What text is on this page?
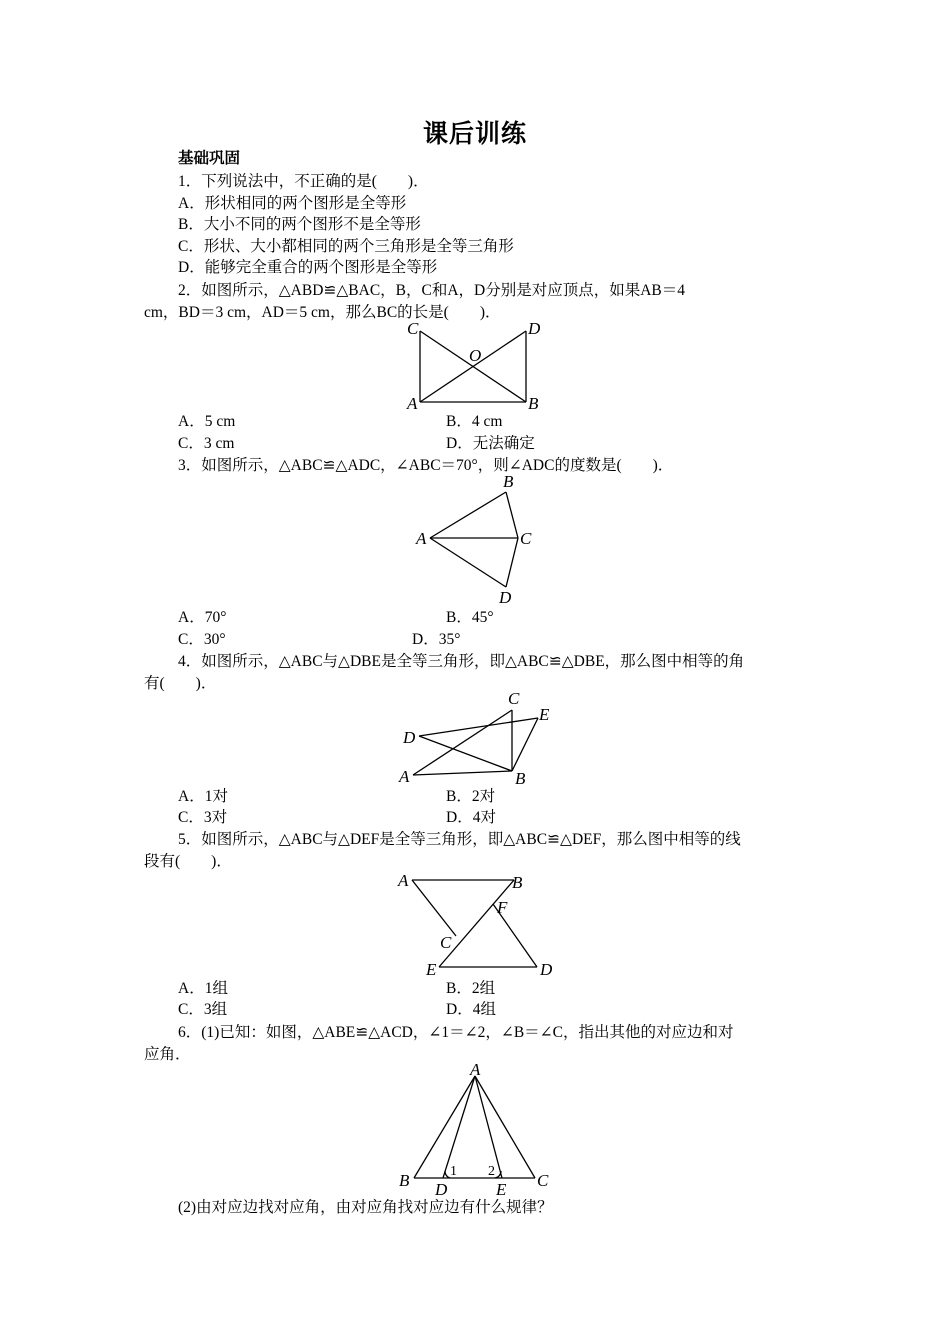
课后训练
基础巩固
1．下列说法中，不正确的是(　　)．
A．形状相同的两个图形是全等形
B．大小不同的两个图形不是全等形
C．形状、大小都相同的两个三角形是全等三角形
D．能够完全重合的两个图形是全等形
2．如图所示，△ABD≌△BAC，B，C和A，D分别是对应顶点，如果AB＝4
cm，BD＝3 cm，AD＝5 cm，那么BC的长是(　　)．
C	D
O
A	B
A．5 cm	B．4 cm
C．3 cm	D．无法确定
3．如图所示，△ABC≌△ADC，∠ABC＝70°，则∠ADC的度数是(　　)．
B
A	C
D
A．70°	B．45°
C．30°	D．35°
4．如图所示，△ABC与△DBE是全等三角形，即△ABC≌△DBE，那么图中相等的角
有(　　)．
C
E
D
A	B
A．1对	B．2对
C．3对	D．4对
5．如图所示，△ABC与△DEF是全等三角形，即△ABC≌△DEF，那么图中相等的线
段有(　　)．
A	B
F
C
E	D
A．1组	B．2组
C．3组	D．4组
6．(1)已知：如图，△ABE≌△ACD，∠1＝∠2，∠B＝∠C，指出其他的对应边和对
应角．
A
B D	E C
1 2
(2)由对应边找对应角，由对应角找对应边有什么规律？
